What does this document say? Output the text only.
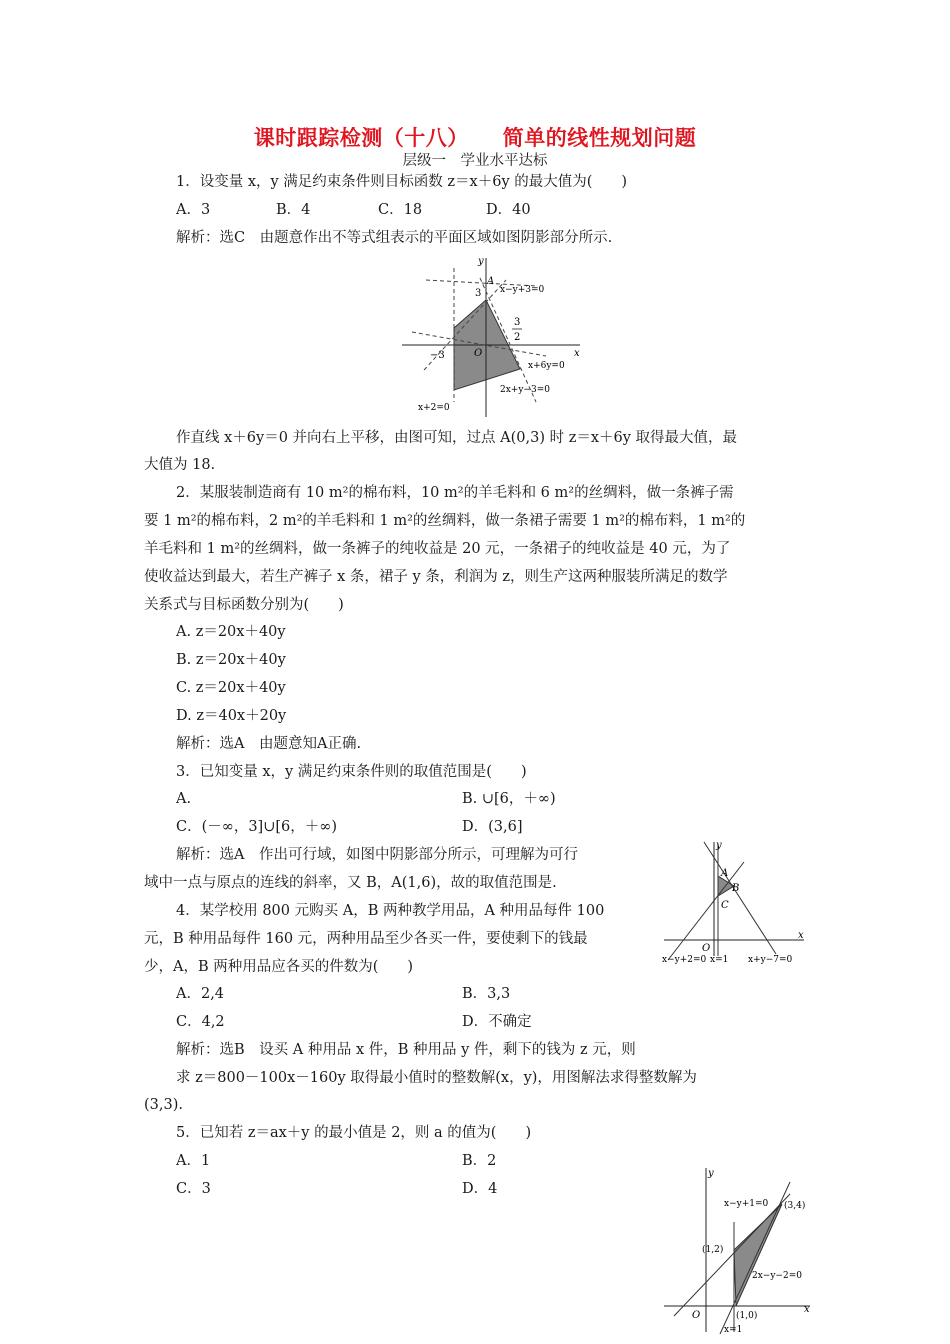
课时跟踪检测（十八） 简单的线性规划问题
层级一　学业水平达标
1．设变量 x，y 满足约束条件则目标函数 z＝x＋6y 的最大值为(　　)
A．3	B．4	C．18	D．40
解析：选C　由题意作出不等式组表示的平面区域如图阴影部分所示.
y
x
A
3
O
−3
3
2
x−y+3=0
x+6y=0
2x+y−3=0
x+2=0
作直线 x＋6y＝0 并向右上平移，由图可知，过点 A(0,3) 时 z＝x＋6y 取得最大值，最
大值为 18.
2．某服装制造商有 10 m²的棉布料，10 m²的羊毛料和 6 m²的丝绸料，做一条裤子需
要 1 m²的棉布料，2 m²的羊毛料和 1 m²的丝绸料，做一条裙子需要 1 m²的棉布料，1 m²的
羊毛料和 1 m²的丝绸料，做一条裤子的纯收益是 20 元，一条裙子的纯收益是 40 元，为了
使收益达到最大，若生产裤子 x 条，裙子 y 条，利润为 z，则生产这两种服装所满足的数学
关系式与目标函数分别为(　　)
A. z＝20x＋40y
B. z＝20x＋40y
C. z＝20x＋40y
D. z＝40x＋20y
解析：选A　由题意知A正确.
3．已知变量 x，y 满足约束条件则的取值范围是(　　)
A.	B. ∪[6，＋∞)
C．(－∞，3]∪[6，＋∞)	D．(3,6]
解析：选A　作出可行域，如图中阴影部分所示，可理解为可行
域中一点与原点的连线的斜率，又 B，A(1,6)，故的取值范围是.
y
x
A
B
C
O
x−y+2=0 x=1 x+y−7=0
4．某学校用 800 元购买 A，B 两种教学用品，A 种用品每件 100
元，B 种用品每件 160 元，两种用品至少各买一件，要使剩下的钱最
少，A，B 两种用品应各买的件数为(　　)
A．2,4	B．3,3
C．4,2	D．不确定
解析：选B　设买 A 种用品 x 件，B 种用品 y 件，剩下的钱为 z 元，则
求 z＝800－100x－160y 取得最小值时的整数解(x，y)，用图解法求得整数解为
(3,3).
5．已知若 z＝ax＋y 的最小值是 2，则 a 的值为(　　)
A．1	B．2
C．3	D．4
y
x
O
x−y+1=0 (3,4)
(1,2)
2x−y−2=0
(1,0)
x=1
